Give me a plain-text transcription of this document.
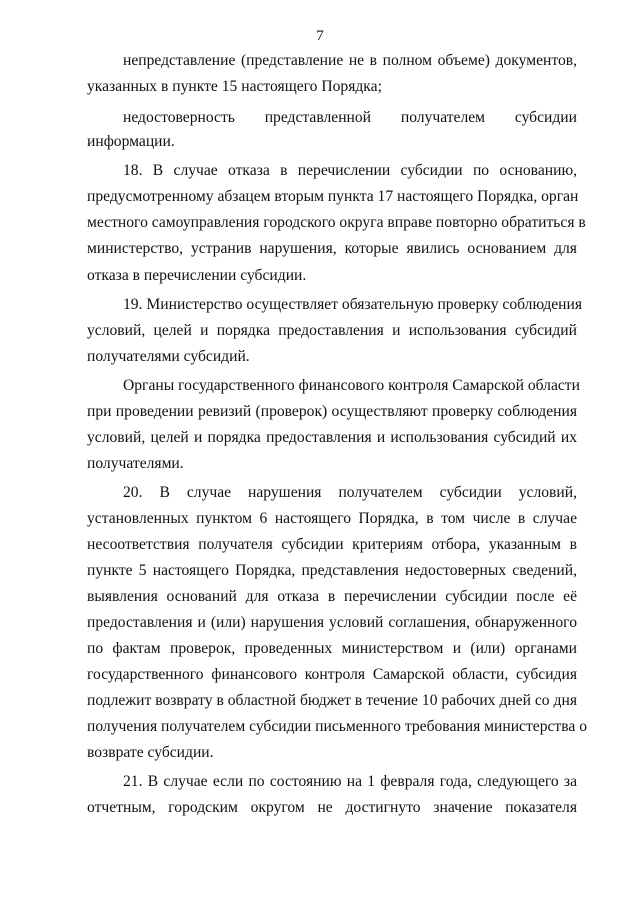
7
непредставление (представление не в полном объеме) документов,
указанных в пункте 15 настоящего Порядка;
недостоверность представленной получателем субсидии
информации.
18. В случае отказа в перечислении субсидии по основанию,
предусмотренному абзацем вторым пункта 17 настоящего Порядка, орган
местного самоуправления городского округа вправе повторно обратиться в
министерство, устранив нарушения, которые явились основанием для
отказа в перечислении субсидии.
19. Министерство осуществляет обязательную проверку соблюдения
условий, целей и порядка предоставления и использования субсидий
получателями субсидий.
Органы государственного финансового контроля Самарской области
при проведении ревизий (проверок) осуществляют проверку соблюдения
условий, целей и порядка предоставления и использования субсидий их
получателями.
20. В случае нарушения получателем субсидии условий,
установленных пунктом 6 настоящего Порядка, в том числе в случае
несоответствия получателя субсидии критериям отбора, указанным в
пункте 5 настоящего Порядка, представления недостоверных сведений,
выявления оснований для отказа в перечислении субсидии после её
предоставления и (или) нарушения условий соглашения, обнаруженного
по фактам проверок, проведенных министерством и (или) органами
государственного финансового контроля Самарской области, субсидия
подлежит возврату в областной бюджет в течение 10 рабочих дней со дня
получения получателем субсидии письменного требования министерства о
возврате субсидии.
21. В случае если по состоянию на 1 февраля года, следующего за
отчетным, городским округом не достигнуто значение показателя
